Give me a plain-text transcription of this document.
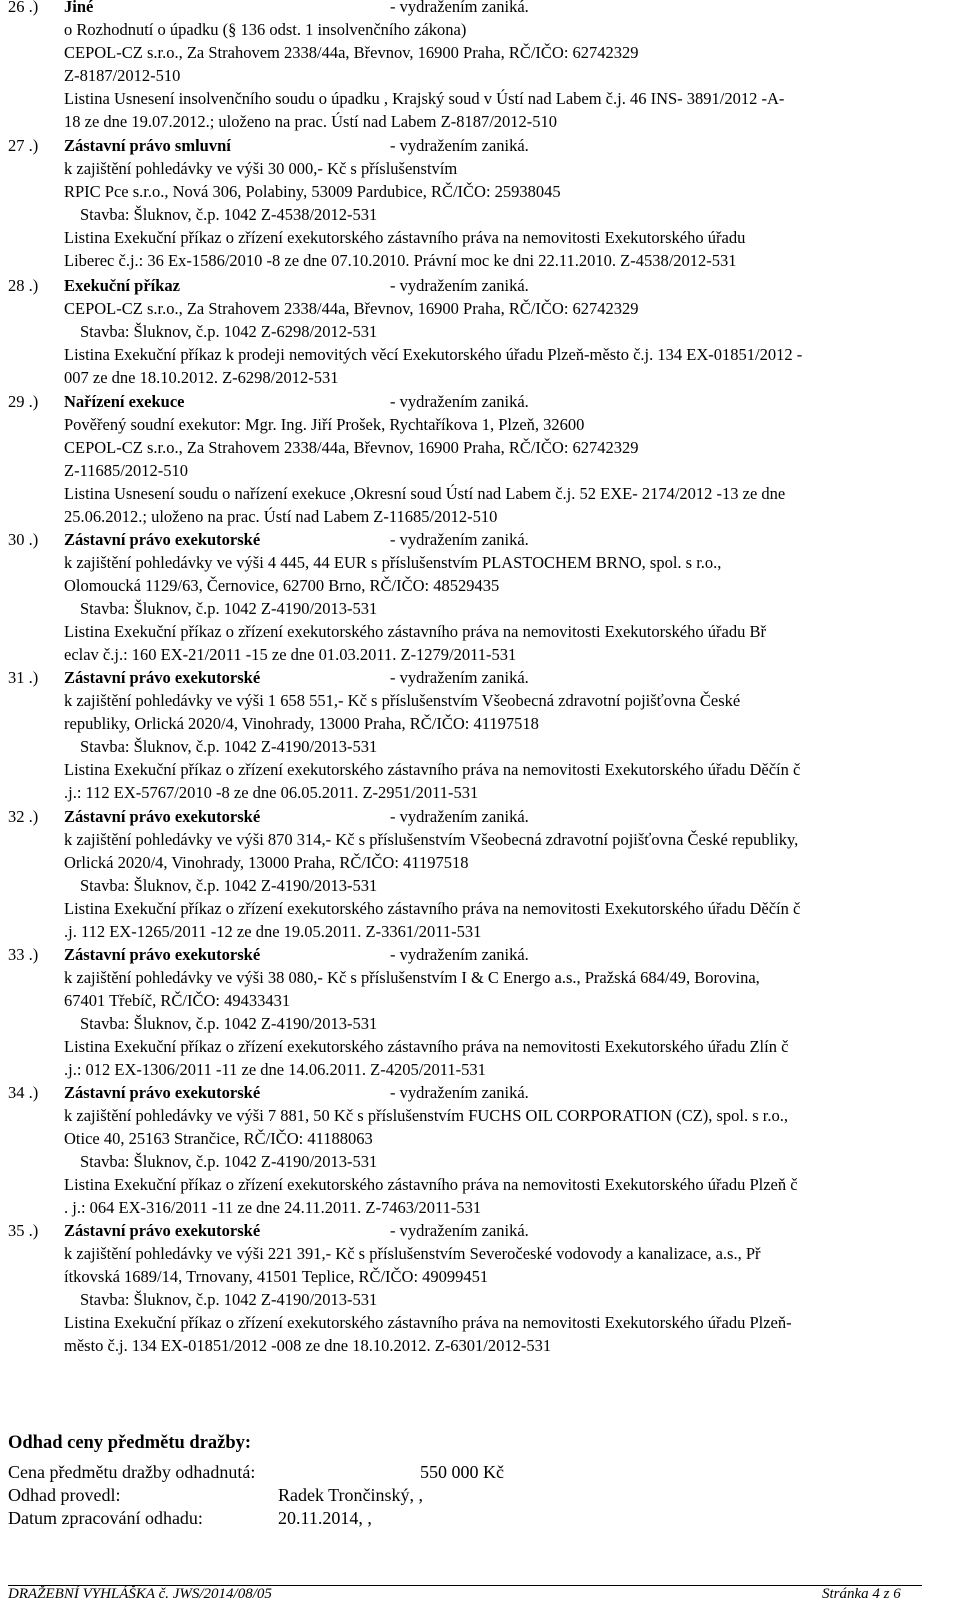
26 .) Jiné	- vydražením zaniká.
o Rozhodnutí o úpadku (§ 136 odst. 1 insolvenčního zákona)
CEPOL-CZ s.r.o., Za Strahovem 2338/44a, Břevnov, 16900 Praha, RČ/IČO: 62742329
Z-8187/2012-510
Listina Usnesení insolvenčního soudu o úpadku , Krajský soud v Ústí nad Labem č.j. 46 INS- 3891/2012 -A-
18 ze dne 19.07.2012.; uloženo na prac. Ústí nad Labem Z-8187/2012-510
27 .) Zástavní právo smluvní	- vydražením zaniká.
k zajištění pohledávky ve výši 30 000,- Kč s příslušenstvím
RPIC Pce s.r.o., Nová 306, Polabiny, 53009 Pardubice, RČ/IČO: 25938045
Stavba: Šluknov, č.p. 1042 Z-4538/2012-531
Listina Exekuční příkaz o zřízení exekutorského zástavního práva na nemovitosti Exekutorského úřadu
Liberec č.j.: 36 Ex-1586/2010 -8 ze dne 07.10.2010. Právní moc ke dni 22.11.2010. Z-4538/2012-531
28 .) Exekuční příkaz	- vydražením zaniká.
CEPOL-CZ s.r.o., Za Strahovem 2338/44a, Břevnov, 16900 Praha, RČ/IČO: 62742329
Stavba: Šluknov, č.p. 1042 Z-6298/2012-531
Listina Exekuční příkaz k prodeji nemovitých věcí Exekutorského úřadu Plzeň-město č.j. 134 EX-01851/2012 -
007 ze dne 18.10.2012. Z-6298/2012-531
29 .) Nařízení exekuce	- vydražením zaniká.
Pověřený soudní exekutor: Mgr. Ing. Jiří Prošek, Rychtaříkova 1, Plzeň, 32600
CEPOL-CZ s.r.o., Za Strahovem 2338/44a, Břevnov, 16900 Praha, RČ/IČO: 62742329
Z-11685/2012-510
Listina Usnesení soudu o nařízení exekuce ,Okresní soud Ústí nad Labem č.j. 52 EXE- 2174/2012 -13 ze dne
25.06.2012.; uloženo na prac. Ústí nad Labem Z-11685/2012-510
30 .) Zástavní právo exekutorské	- vydražením zaniká.
k zajištění pohledávky ve výši 4 445, 44 EUR s příslušenstvím PLASTOCHEM BRNO, spol. s r.o.,
Olomoucká 1129/63, Černovice, 62700 Brno, RČ/IČO: 48529435
Stavba: Šluknov, č.p. 1042 Z-4190/2013-531
Listina Exekuční příkaz o zřízení exekutorského zástavního práva na nemovitosti Exekutorského úřadu Bř
eclav č.j.: 160 EX-21/2011 -15 ze dne 01.03.2011. Z-1279/2011-531
31 .) Zástavní právo exekutorské	- vydražením zaniká.
k zajištění pohledávky ve výši 1 658 551,- Kč s příslušenstvím Všeobecná zdravotní pojišťovna České
republiky, Orlická 2020/4, Vinohrady, 13000 Praha, RČ/IČO: 41197518
Stavba: Šluknov, č.p. 1042 Z-4190/2013-531
Listina Exekuční příkaz o zřízení exekutorského zástavního práva na nemovitosti Exekutorského úřadu Děčín č
.j.: 112 EX-5767/2010 -8 ze dne 06.05.2011. Z-2951/2011-531
32 .) Zástavní právo exekutorské	- vydražením zaniká.
k zajištění pohledávky ve výši 870 314,- Kč s příslušenstvím Všeobecná zdravotní pojišťovna České republiky,
Orlická 2020/4, Vinohrady, 13000 Praha, RČ/IČO: 41197518
Stavba: Šluknov, č.p. 1042 Z-4190/2013-531
Listina Exekuční příkaz o zřízení exekutorského zástavního práva na nemovitosti Exekutorského úřadu Děčín č
.j. 112 EX-1265/2011 -12 ze dne 19.05.2011. Z-3361/2011-531
33 .) Zástavní právo exekutorské	- vydražením zaniká.
k zajištění pohledávky ve výši 38 080,- Kč s příslušenstvím I & C Energo a.s., Pražská 684/49, Borovina,
67401 Třebíč, RČ/IČO: 49433431
Stavba: Šluknov, č.p. 1042 Z-4190/2013-531
Listina Exekuční příkaz o zřízení exekutorského zástavního práva na nemovitosti Exekutorského úřadu Zlín č
.j.: 012 EX-1306/2011 -11 ze dne 14.06.2011. Z-4205/2011-531
34 .) Zástavní právo exekutorské	- vydražením zaniká.
k zajištění pohledávky ve výši 7 881, 50 Kč s příslušenstvím FUCHS OIL CORPORATION (CZ), spol. s r.o.,
Otice 40, 25163 Strančice, RČ/IČO: 41188063
Stavba: Šluknov, č.p. 1042 Z-4190/2013-531
Listina Exekuční příkaz o zřízení exekutorského zástavního práva na nemovitosti Exekutorského úřadu Plzeň č
. j.: 064 EX-316/2011 -11 ze dne 24.11.2011. Z-7463/2011-531
35 .) Zástavní právo exekutorské	- vydražením zaniká.
k zajištění pohledávky ve výši 221 391,- Kč s příslušenstvím Severočeské vodovody a kanalizace, a.s., Př
ítkovská 1689/14, Trnovany, 41501 Teplice, RČ/IČO: 49099451
Stavba: Šluknov, č.p. 1042 Z-4190/2013-531
Listina Exekuční příkaz o zřízení exekutorského zástavního práva na nemovitosti Exekutorského úřadu Plzeň-
město č.j. 134 EX-01851/2012 -008 ze dne 18.10.2012. Z-6301/2012-531
Odhad ceny předmětu dražby:
Cena předmětu dražby odhadnutá:	550 000 Kč
Odhad provedl:	Radek Trončinský, ,
Datum zpracování odhadu:	20.11.2014, ,
DRAŽEBNÍ VYHLÁŠKA č. JWS/2014/08/05	Stránka 4 z 6
